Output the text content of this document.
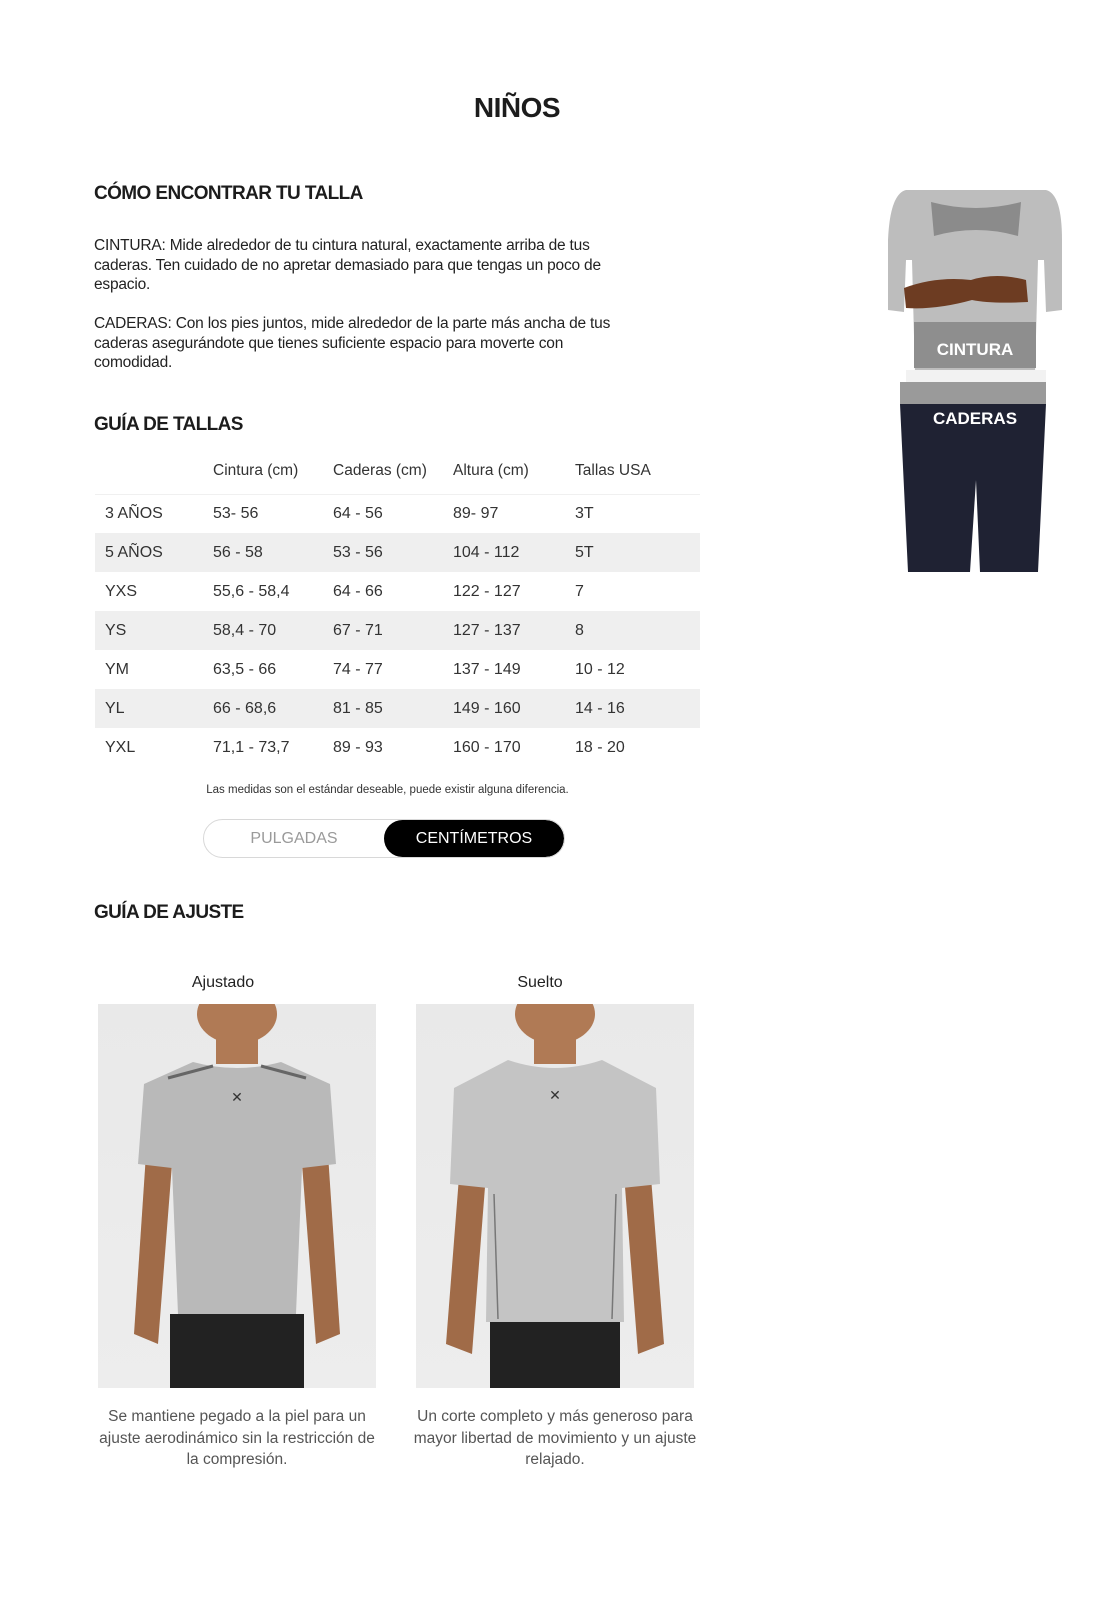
NIÑOS
CÓMO ENCONTRAR TU TALLA

CINTURA: Mide alrededor de tu cintura natural, exactamente arriba de tus caderas. Ten cuidado de no apretar demasiado para que tengas un poco de espacio.

CADERAS: Con los pies juntos, mide alrededor de la parte más ancha de tus caderas asegurándote que tienes suficiente espacio para moverte con comodidad.

CINTURA
CADERAS
GUÍA DE TALLAS
	Cintura (cm)	Caderas (cm)	Altura (cm)	Tallas USA
3 AÑOS	53- 56	64 - 56	89- 97	3T
5 AÑOS	56 - 58	53 - 56	104 - 112	5T
YXS	55,6 - 58,4	64 - 66	122 - 127	7
YS	58,4 - 70	67 - 71	127 - 137	8
YM	63,5 - 66	74 - 77	137 - 149	10 - 12
YL	66 - 68,6	81 - 85	149 - 160	14 - 16
YXL	71,1 - 73,7	89 - 93	160 - 170	18 - 20

Las medidas son el estándar deseable, puede existir alguna diferencia.

PULGADAS	CENTÍMETROS
GUÍA DE AJUSTE
Ajustado	Suelto
✕	✕

Se mantiene pegado a la piel para un ajuste aerodinámico sin la restricción de la compresión.

Un corte completo y más generoso para mayor libertad de movimiento y un ajuste relajado.
